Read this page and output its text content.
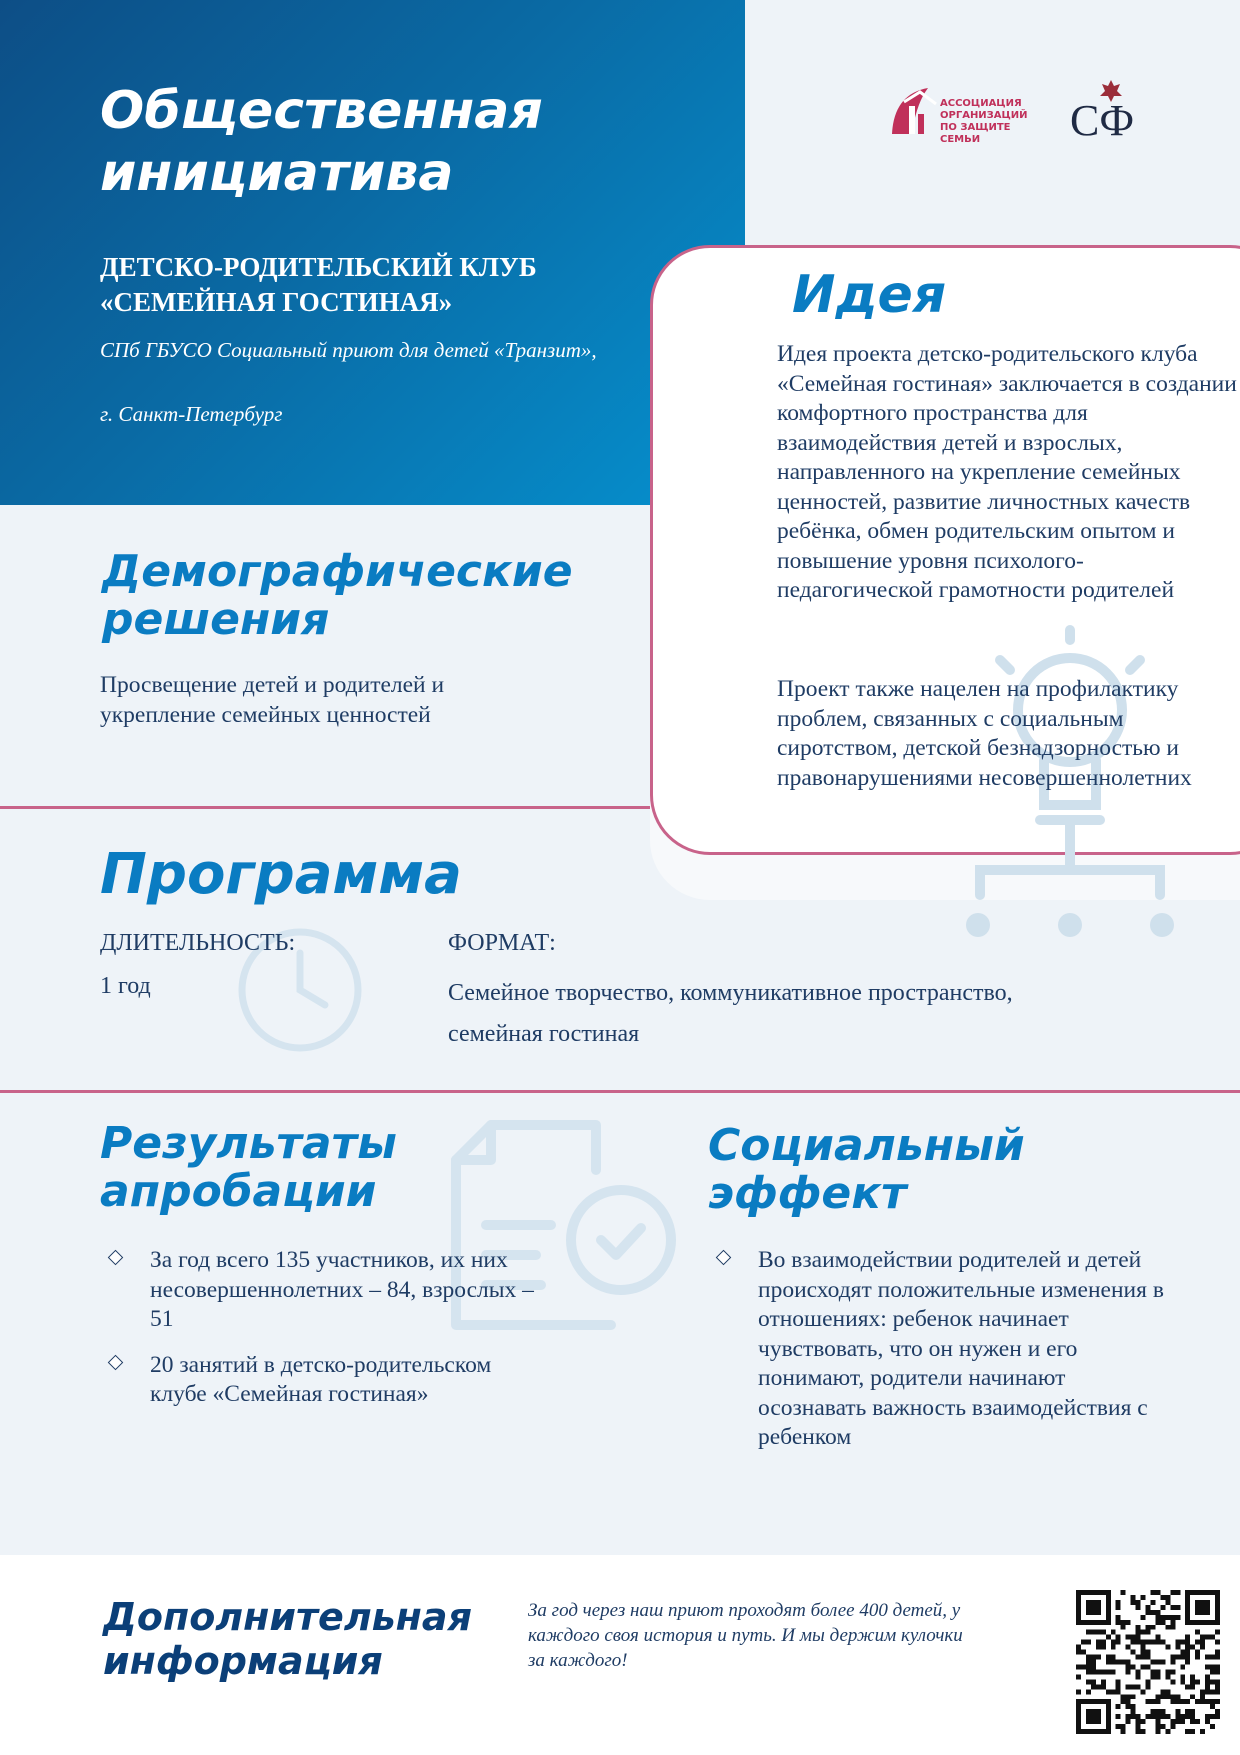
Общественная
инициатива
ДЕТСКО-РОДИТЕЛЬСКИЙ КЛУБ
«СЕМЕЙНАЯ ГОСТИНАЯ»
СПб ГБУСО Социальный приют для детей «Транзит»,
г. Санкт-Петербург
АССОЦИАЦИЯ
ОРГАНИЗАЦИЙ
ПО ЗАЩИТЕ СЕМЬИ	СФ
Идея
Идея проекта детско-родительского клуба «Семейная гостиная» заключается в создании комфортного пространства для взаимодействия детей и взрослых, направленного на укрепление семейных ценностей, развитие личностных качеств ребёнка, обмен родительским опытом и повышение уровня психолого-педагогической грамотности родителей
Проект также нацелен на профилактику проблем, связанных с социальным сиротством, детской безнадзорностью и правонарушениями несовершеннолетних
Демографические
решения
Просвещение детей и родителей и укрепление семейных ценностей
Программа
ДЛИТЕЛЬНОСТЬ:
1 год
ФОРМАТ:
Семейное творчество, коммуникативное пространство, семейная гостиная
Результаты
апробации
За год всего 135 участников, их них несовершеннолетних – 84, взрослых – 51
20 занятий в детско-родительском клубе «Семейная гостиная»
Социальный
эффект
Во взаимодействии родителей и детей происходят положительные изменения в отношениях: ребенок начинает чувствовать, что он нужен и его понимают, родители начинают осознавать важность взаимодействия с ребенком
Дополнительная
информация
За год через наш приют проходят более 400 детей, у каждого своя история и путь. И мы держим кулочки за каждого!
